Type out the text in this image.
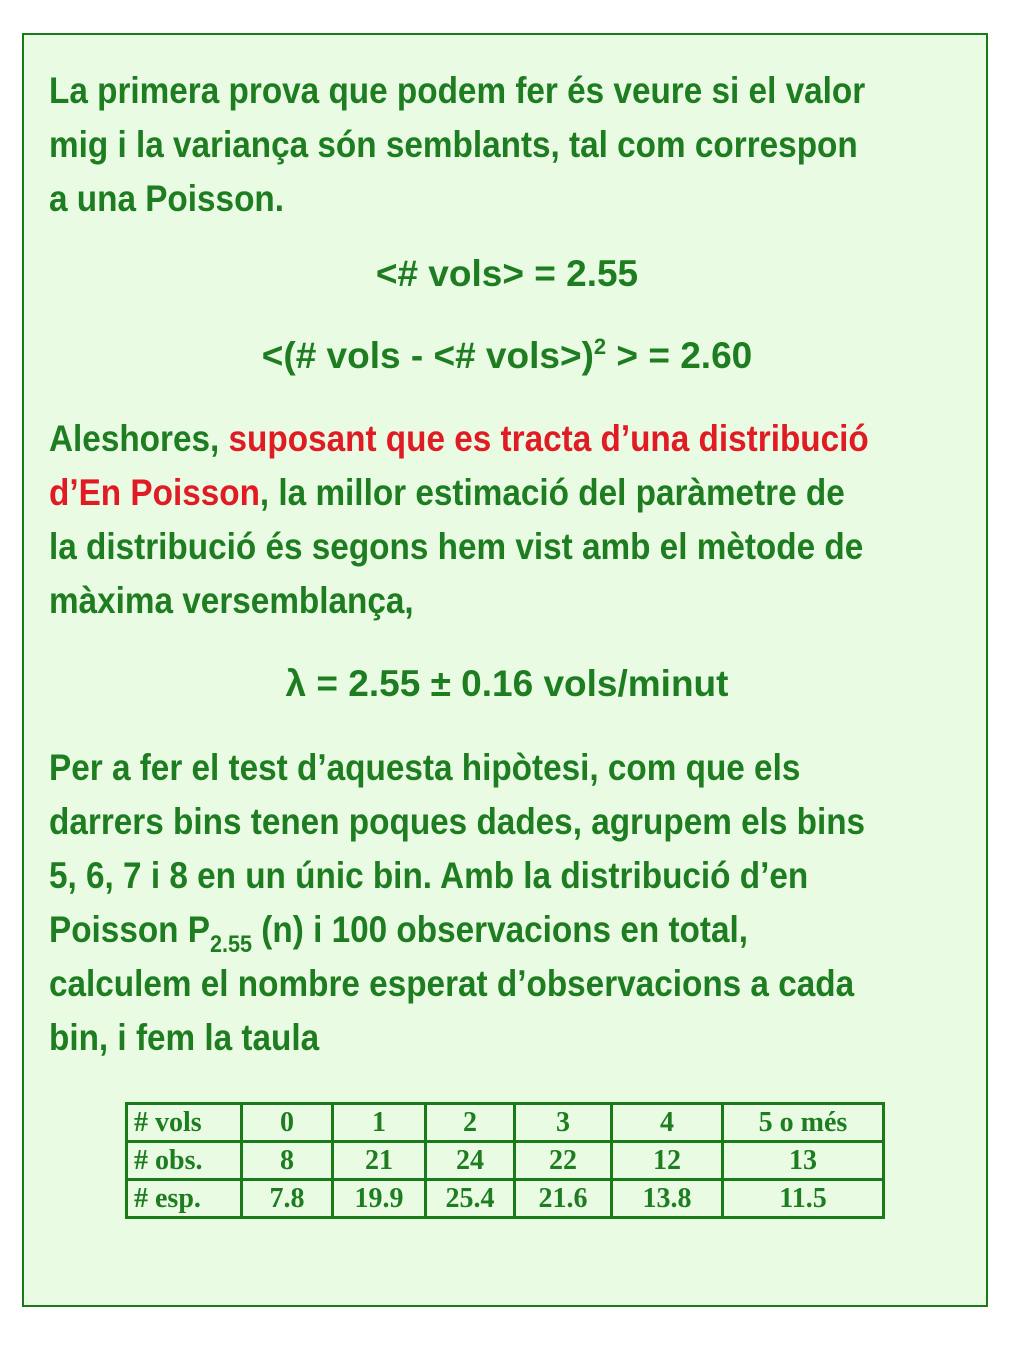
La primera prova que podem fer és veure si el valor
mig i la variança són semblants, tal com correspon
a una Poisson.
<# vols> = 2.55
<(# vols - <# vols>)$^2$ > = 2.60
Aleshores, suposant que es tracta d’una distribució
d’En Poisson, la millor estimació del paràmetre de
la distribució és segons hem vist amb el mètode de
màxima versemblança,
λ = 2.55 ± 0.16 vols/minut
Per a fer el test d’aquesta hipòtesi, com que els
darrers bins tenen poques dades, agrupem els bins
5, 6, 7 i 8 en un únic bin. Amb la distribució d’en
Poisson $P_{2.55}$ (n) i 100 observacions en total,
calculem el nombre esperat d’observacions a cada
bin, i fem la taula
# vols	0	1	2	3	4	5 o més
# obs.	8	21	24	22	12	13
# esp.	7.8	19.9	25.4	21.6	13.8	11.5
